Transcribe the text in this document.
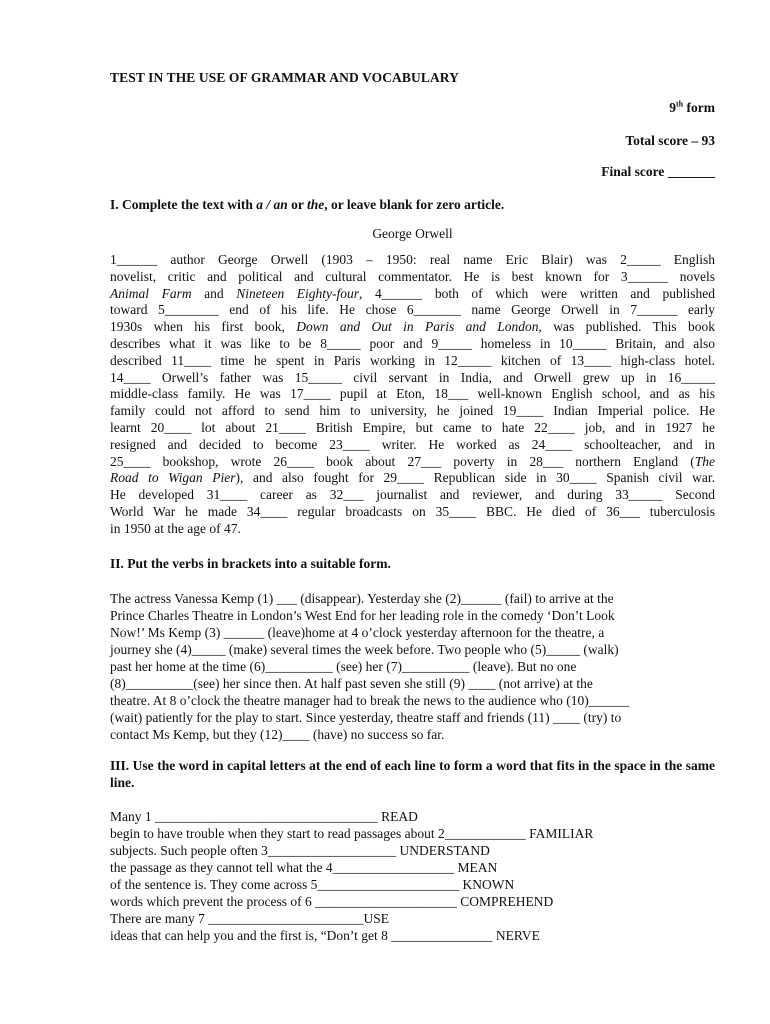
TEST IN THE USE OF GRAMMAR AND VOCABULARY
9th form
Total score – 93
Final score _______
I. Complete the text with a / an or the, or leave blank for zero article.
George Orwell
1______ author George Orwell (1903 – 1950: real name Eric Blair) was 2_____ English
novelist, critic and political and cultural commentator. He is best known for 3______ novels
Animal Farm and Nineteen Eighty-four, 4______ both of which were written and published
toward 5________ end of his life. He chose 6_______ name George Orwell in 7______ early
1930s when his first book, Down and Out in Paris and London, was published. This book
describes what it was like to be 8_____ poor and 9_____ homeless in 10_____ Britain, and also
described 11____ time he spent in Paris working in 12_____ kitchen of 13____ high-class hotel.
14____ Orwell’s father was 15_____ civil servant in India, and Orwell grew up in 16_____
middle-class family. He was 17____ pupil at Eton, 18___ well-known English school, and as his
family could not afford to send him to university, he joined 19____ Indian Imperial police. He
learnt 20____ lot about 21____ British Empire, but came to hate 22____ job, and in 1927 he
resigned and decided to become 23____ writer. He worked as 24____ schoolteacher, and in
25____ bookshop, wrote 26____ book about 27___ poverty in 28___ northern England (The
Road to Wigan Pier), and also fought for 29____ Republican side in 30____ Spanish civil war.
He developed 31____ career as 32___ journalist and reviewer, and during 33_____ Second
World War he made 34____ regular broadcasts on 35____ BBC. He died of 36___ tuberculosis
in 1950 at the age of 47.
II. Put the verbs in brackets into a suitable form.
The actress Vanessa Kemp (1) ___ (disappear). Yesterday she (2)______ (fail) to arrive at the
Prince Charles Theatre in London’s West End for her leading role in the comedy ‘Don’t Look
Now!’ Ms Kemp (3) ______ (leave)home at 4 o’clock yesterday afternoon for the theatre, a
journey she (4)_____ (make) several times the week before. Two people who (5)_____ (walk)
past her home at the time (6)__________ (see) her (7)__________ (leave). But no one
(8)__________(see) her since then. At half past seven she still (9) ____ (not arrive) at the
theatre. At 8 o’clock the theatre manager had to break the news to the audience who (10)______
(wait) patiently for the play to start. Since yesterday, theatre staff and friends (11) ____ (try) to
contact Ms Kemp, but they (12)____ (have) no success so far.
III. Use the word in capital letters at the end of each line to form a word that fits in the space in the same line.
Many 1 _________________________________ READ
begin to have trouble when they start to read passages about 2____________ FAMILIAR
subjects. Such people often 3___________________ UNDERSTAND
the passage as they cannot tell what the 4__________________ MEAN
of the sentence is. They come across 5_____________________ KNOWN
words which prevent the process of 6 _____________________ COMPREHEND
There are many 7 _______________________USE
ideas that can help you and the first is, “Don’t get 8 _______________ NERVE
